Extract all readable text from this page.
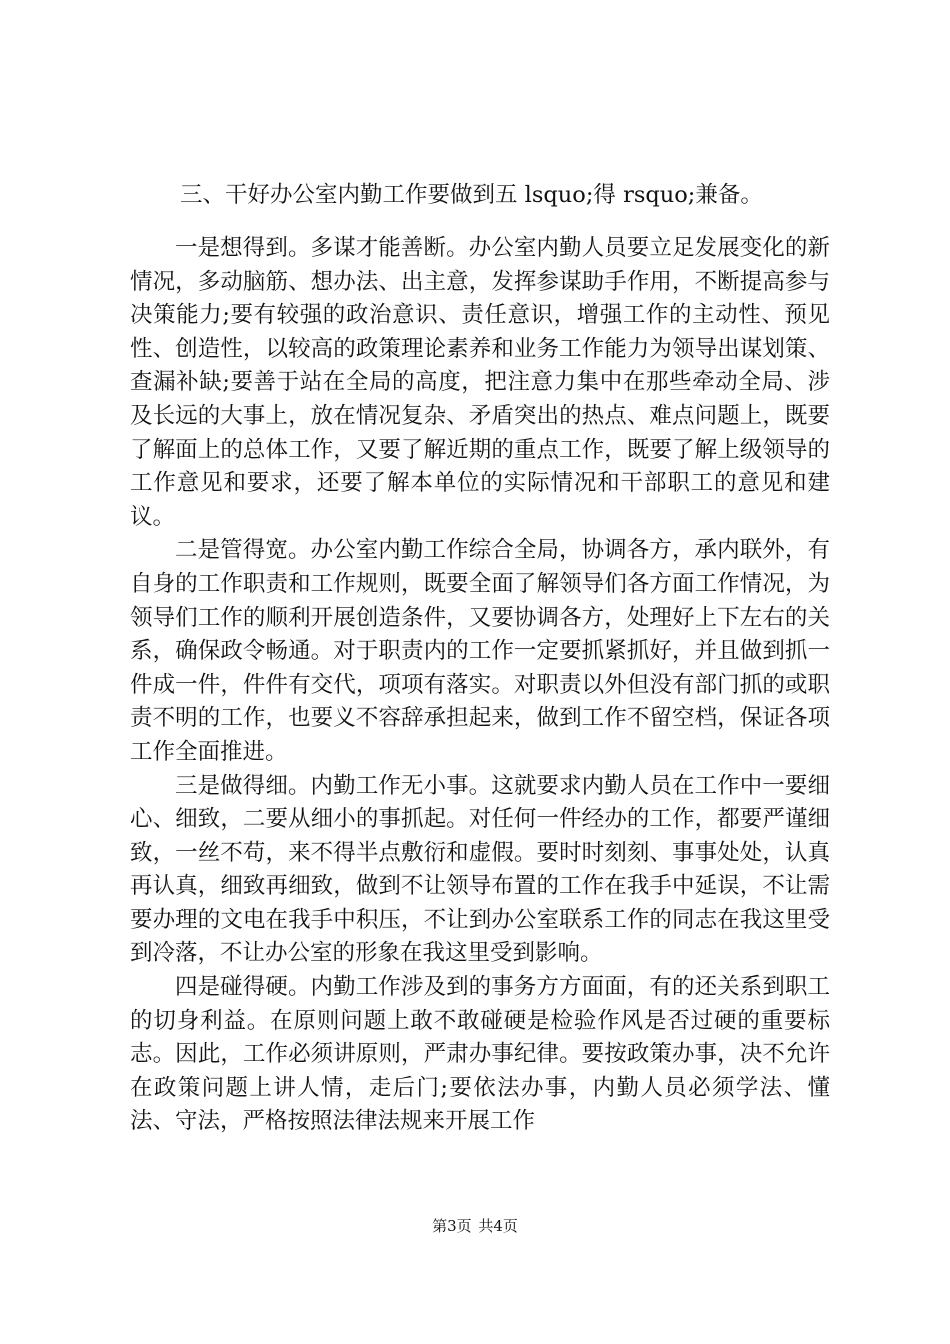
三、干好办公室内勤工作要做到五 lsquo;得 rsquo;兼备。

一是想得到。多谋才能善断。办公室内勤人员要立足发展变化的新情况，多动脑筋、想办法、出主意，发挥参谋助手作用，不断提高参与决策能力;要有较强的政治意识、责任意识，增强工作的主动性、预见性、创造性，以较高的政策理论素养和业务工作能力为领导出谋划策、查漏补缺;要善于站在全局的高度，把注意力集中在那些牵动全局、涉及长远的大事上，放在情况复杂、矛盾突出的热点、难点问题上，既要了解面上的总体工作，又要了解近期的重点工作，既要了解上级领导的工作意见和要求，还要了解本单位的实际情况和干部职工的意见和建议。

二是管得宽。办公室内勤工作综合全局，协调各方，承内联外，有自身的工作职责和工作规则，既要全面了解领导们各方面工作情况，为领导们工作的顺利开展创造条件，又要协调各方，处理好上下左右的关系，确保政令畅通。对于职责内的工作一定要抓紧抓好，并且做到抓一件成一件，件件有交代，项项有落实。对职责以外但没有部门抓的或职责不明的工作，也要义不容辞承担起来，做到工作不留空档，保证各项工作全面推进。

三是做得细。内勤工作无小事。这就要求内勤人员在工作中一要细心、细致，二要从细小的事抓起。对任何一件经办的工作，都要严谨细致，一丝不苟，来不得半点敷衍和虚假。要时时刻刻、事事处处，认真再认真，细致再细致，做到不让领导布置的工作在我手中延误，不让需要办理的文电在我手中积压，不让到办公室联系工作的同志在我这里受到冷落，不让办公室的形象在我这里受到影响。

四是碰得硬。内勤工作涉及到的事务方方面面，有的还关系到职工的切身利益。在原则问题上敢不敢碰硬是检验作风是否过硬的重要标志。因此，工作必须讲原则，严肃办事纪律。要按政策办事，决不允许在政策问题上讲人情，走后门;要依法办事，内勤人员必须学法、懂法、守法，严格按照法律法规来开展工作

第3页 共4页
